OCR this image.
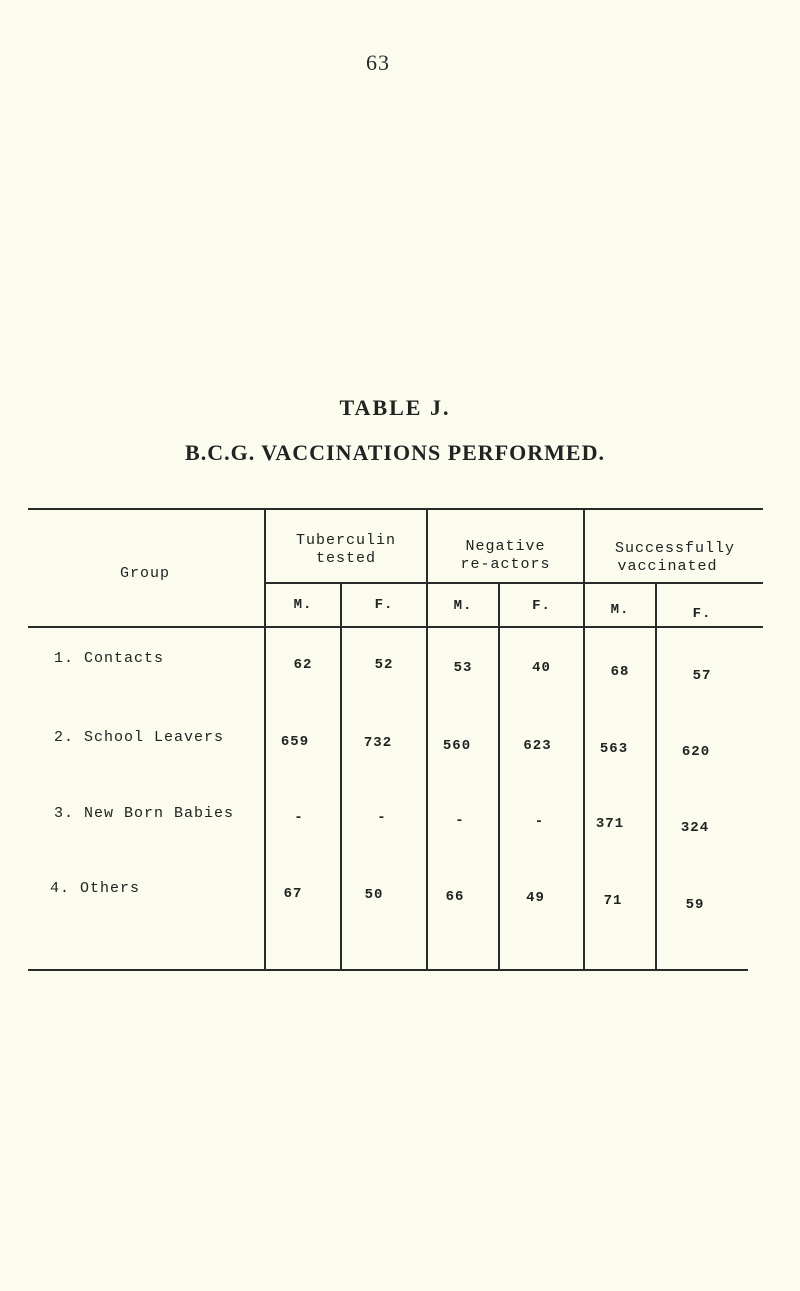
63
TABLE J.
B.C.G. VACCINATIONS PERFORMED.
Group
Tuberculin
tested
Negative
re-actors
Successfully
vaccinated
M.	F.	M.	F.	M.	F.
1. Contacts	62	52	53	40	68	57
2. School Leavers	659	732	560	623	563	620
3. New Born Babies	-	-	-	-	371	324
4. Others	67	50	66	49	71	59
